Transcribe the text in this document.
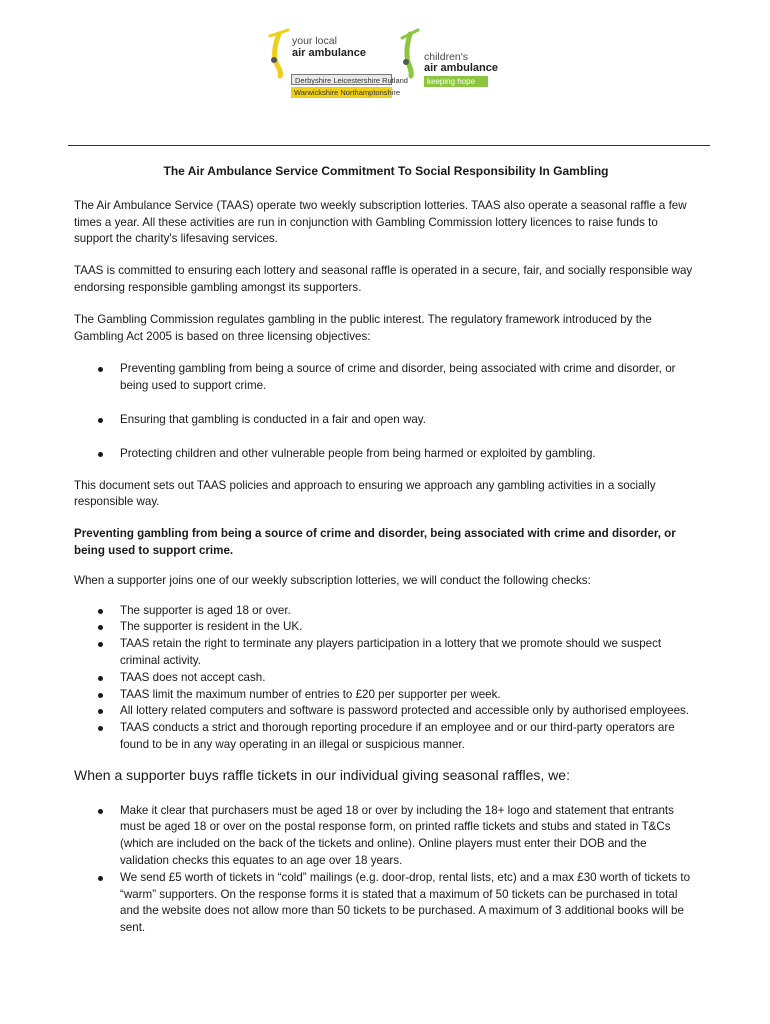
your local
air ambulance
Derbyshire Leicestershire Rutland
Warwickshire Northamptonshire
children's
air ambulance
keeping hope alive
The Air Ambulance Service Commitment To Social Responsibility In Gambling

The Air Ambulance Service (TAAS) operate two weekly subscription lotteries. TAAS also operate a seasonal raffle a few times a year. All these activities are run in conjunction with Gambling Commission lottery licences to raise funds to support the charity's lifesaving services.

TAAS is committed to ensuring each lottery and seasonal raffle is operated in a secure, fair, and socially responsible way endorsing responsible gambling amongst its supporters.

The Gambling Commission regulates gambling in the public interest. The regulatory framework introduced by the Gambling Act 2005 is based on three licensing objectives:

Preventing gambling from being a source of crime and disorder, being associated with crime and disorder, or being used to support crime.
Ensuring that gambling is conducted in a fair and open way.
Protecting children and other vulnerable people from being harmed or exploited by gambling.

This document sets out TAAS policies and approach to ensuring we approach any gambling activities in a socially responsible way.

Preventing gambling from being a source of crime and disorder, being associated with crime and disorder, or being used to support crime.

When a supporter joins one of our weekly subscription lotteries, we will conduct the following checks:

The supporter is aged 18 or over.
The supporter is resident in the UK.
TAAS retain the right to terminate any players participation in a lottery that we promote should we suspect criminal activity.
TAAS does not accept cash.
TAAS limit the maximum number of entries to £20 per supporter per week.
All lottery related computers and software is password protected and accessible only by authorised employees.
TAAS conducts a strict and thorough reporting procedure if an employee and or our third-party operators are found to be in any way operating in an illegal or suspicious manner.
When a supporter buys raffle tickets in our individual giving seasonal raffles, we:
Make it clear that purchasers must be aged 18 or over by including the 18+ logo and statement that entrants must be aged 18 or over on the postal response form, on printed raffle tickets and stubs and stated in T&Cs (which are included on the back of the tickets and online). Online players must enter their DOB and the validation checks this equates to an age over 18 years.
We send £5 worth of tickets in “cold” mailings (e.g. door-drop, rental lists, etc) and a max £30 worth of tickets to “warm” supporters. On the response forms it is stated that a maximum of 50 tickets can be purchased in total and the website does not allow more than 50 tickets to be purchased. A maximum of 3 additional books will be sent.
